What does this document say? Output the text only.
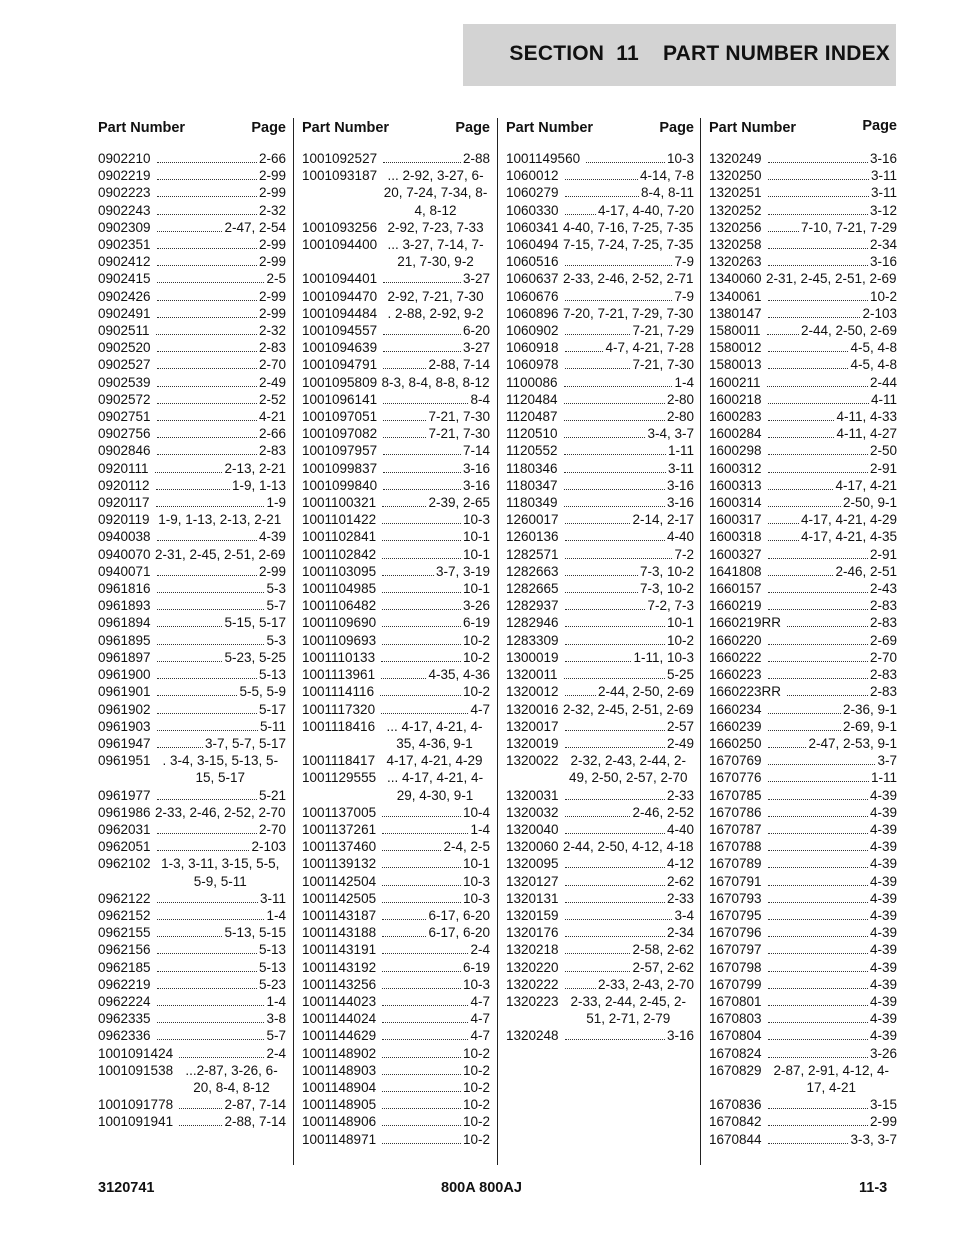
SECTION  11    PART NUMBER INDEX
Part Number	Page
0902210	2-66
0902219	2-99
0902223	2-99
0902243	2-32
0902309	2-47, 2-54
0902351	2-99
0902412	2-99
0902415	2-5
0902426	2-99
0902491	2-99
0902511	2-32
0902520	2-83
0902527	2-70
0902539	2-49
0902572	2-52
0902751	4-21
0902756	2-66
0902846	2-83
0920111	2-13, 2-21
0920112	1-9, 1-13
0920117	1-9
0920119 1-9, 1-13, 2-13, 2-21
0940038	4-39
0940070 2-31, 2-45, 2-51, 2-69
0940071	2-99
0961816	5-3
0961893	5-7
0961894	5-15, 5-17
0961895	5-3
0961897	5-23, 5-25
0961900	5-13
0961901	5-5, 5-9
0961902	5-17
0961903	5-11
0961947	3-7, 5-7, 5-17
0961951 . 3-4, 3-15, 5-13, 5-15, 5-17
0961977	5-21
0961986 2-33, 2-46, 2-52, 2-70
0962031	2-70
0962051	2-103
0962102 1-3, 3-11, 3-15, 5-5, 5-9, 5-11
0962122	3-11
0962152	1-4
0962155	5-13, 5-15
0962156	5-13
0962185	5-13
0962219	5-23
0962224	1-4
0962335	3-8
0962336	5-7
1001091424	2-4
1001091538 ...2-87, 3-26, 6-20, 8-4, 8-12
1001091778	2-87, 7-14
1001091941	2-88, 7-14
Part Number	Page
1001092527	2-88
1001093187 ... 2-92, 3-27, 6-20, 7-24, 7-34, 8-4, 8-12
1001093256 2-92, 7-23, 7-33
1001094400 ... 3-27, 7-14, 7-21, 7-30, 9-2
1001094401	3-27
1001094470 2-92, 7-21, 7-30
1001094484 . 2-88, 2-92, 9-2
1001094557	6-20
1001094639	3-27
1001094791	2-88, 7-14
1001095809 8-3, 8-4, 8-8, 8-12
1001096141	8-4
1001097051	7-21, 7-30
1001097082	7-21, 7-30
1001097957	7-14
1001099837	3-16
1001099840	3-16
1001100321	2-39, 2-65
1001101422	10-3
1001102841	10-1
1001102842	10-1
1001103095	3-7, 3-19
1001104985	10-1
1001106482	3-26
1001109690	6-19
1001109693	10-2
1001110133	10-2
1001113961	4-35, 4-36
1001114116	10-2
1001117320	4-7
1001118416 ... 4-17, 4-21, 4-35, 4-36, 9-1
1001118417 4-17, 4-21, 4-29
1001129555 ... 4-17, 4-21, 4-29, 4-30, 9-1
1001137005	10-4
1001137261	1-4
1001137460	2-4, 2-5
1001139132	10-1
1001142504	10-3
1001142505	10-3
1001143187	6-17, 6-20
1001143188	6-17, 6-20
1001143191	2-4
1001143192	6-19
1001143256	10-3
1001144023	4-7
1001144024	4-7
1001144629	4-7
1001148902	10-2
1001148903	10-2
1001148904	10-2
1001148905	10-2
1001148906	10-2
1001148971	10-2
Part Number	Page
1001149560	10-3
1060012	4-14, 7-8
1060279	8-4, 8-11
1060330	4-17, 4-40, 7-20
1060341 4-40, 7-16, 7-25, 7-35
1060494 7-15, 7-24, 7-25, 7-35
1060516	7-9
1060637 2-33, 2-46, 2-52, 2-71
1060676	7-9
1060896 7-20, 7-21, 7-29, 7-30
1060902	7-21, 7-29
1060918	4-7, 4-21, 7-28
1060978	7-21, 7-30
1100086	1-4
1120484	2-80
1120487	2-80
1120510	3-4, 3-7
1120552	1-11
1180346	3-11
1180347	3-16
1180349	3-16
1260017	2-14, 2-17
1260136	4-40
1282571	7-2
1282663	7-3, 10-2
1282665	7-3, 10-2
1282937	7-2, 7-3
1282946	10-1
1283309	10-2
1300019	1-11, 10-3
1320011	5-25
1320012	2-44, 2-50, 2-69
1320016 2-32, 2-45, 2-51, 2-69
1320017	2-57
1320019	2-49
1320022 2-32, 2-43, 2-44, 2-49, 2-50, 2-57, 2-70
1320031	2-33
1320032	2-46, 2-52
1320040	4-40
1320060 2-44, 2-50, 4-12, 4-18
1320095	4-12
1320127	2-62
1320131	2-33
1320159	3-4
1320176	2-34
1320218	2-58, 2-62
1320220	2-57, 2-62
1320222	2-33, 2-43, 2-70
1320223 2-33, 2-44, 2-45, 2-51, 2-71, 2-79
1320248	3-16
Part Number	Page
1320249	3-16
1320250	3-11
1320251	3-11
1320252	3-12
1320256	7-10, 7-21, 7-29
1320258	2-34
1320263	3-16
1340060 2-31, 2-45, 2-51, 2-69
1340061	10-2
1380147	2-103
1580011	2-44, 2-50, 2-69
1580012	4-5, 4-8
1580013	4-5, 4-8
1600211	2-44
1600218	4-11
1600283	4-11, 4-33
1600284	4-11, 4-27
1600298	2-50
1600312	2-91
1600313	4-17, 4-21
1600314	2-50, 9-1
1600317	4-17, 4-21, 4-29
1600318	4-17, 4-21, 4-35
1600327	2-91
1641808	2-46, 2-51
1660157	2-43
1660219	2-83
1660219RR	2-83
1660220	2-69
1660222	2-70
1660223	2-83
1660223RR	2-83
1660234	2-36, 9-1
1660239	2-69, 9-1
1660250	2-47, 2-53, 9-1
1670769	3-7
1670776	1-11
1670785	4-39
1670786	4-39
1670787	4-39
1670788	4-39
1670789	4-39
1670791	4-39
1670793	4-39
1670795	4-39
1670796	4-39
1670797	4-39
1670798	4-39
1670799	4-39
1670801	4-39
1670803	4-39
1670804	4-39
1670824	3-26
1670829 2-87, 2-91, 4-12, 4-17, 4-21
1670836	3-15
1670842	2-99
1670844	3-3, 3-7
3120741	800A 800AJ	11-3
